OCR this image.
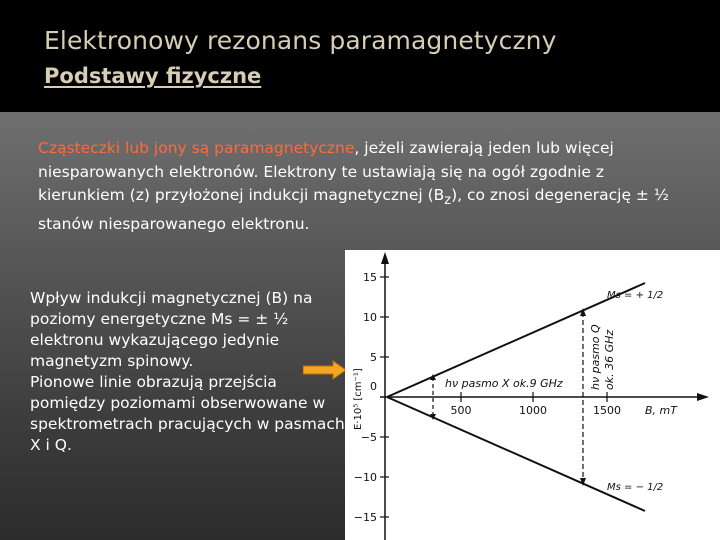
Elektronowy rezonans paramagnetyczny
Podstawy fizyczne

Cząsteczki lub jony są paramagnetyczne, jeżeli zawierają jeden lub więcej niesparowanych elektronów. Elektrony te ustawiają się na ogół zgodnie z kierunkiem (z) przyłożonej indukcji magnetycznej $(B_z)$, co znosi degenerację ± ½ stanów niesparowanego elektronu.

Wpływ indukcji magnetycznej (B) na poziomy energetyczne Ms = ± ½ elektronu wykazującego jedynie magnetyzm spinowy.
Pionowe linie obrazują przejścia pomiędzy poziomami obserwowane w spektrometrach pracujących w pasmach X i Q.
15
10
5
0
−5
−10
−15
E·10⁵ [cm⁻¹]	500	1000	1500 B, mT
hν pasmo X ok.9 GHz hν pasmo Q ok. 36 GHz
Ms = + 1/2
Ms = − 1/2
